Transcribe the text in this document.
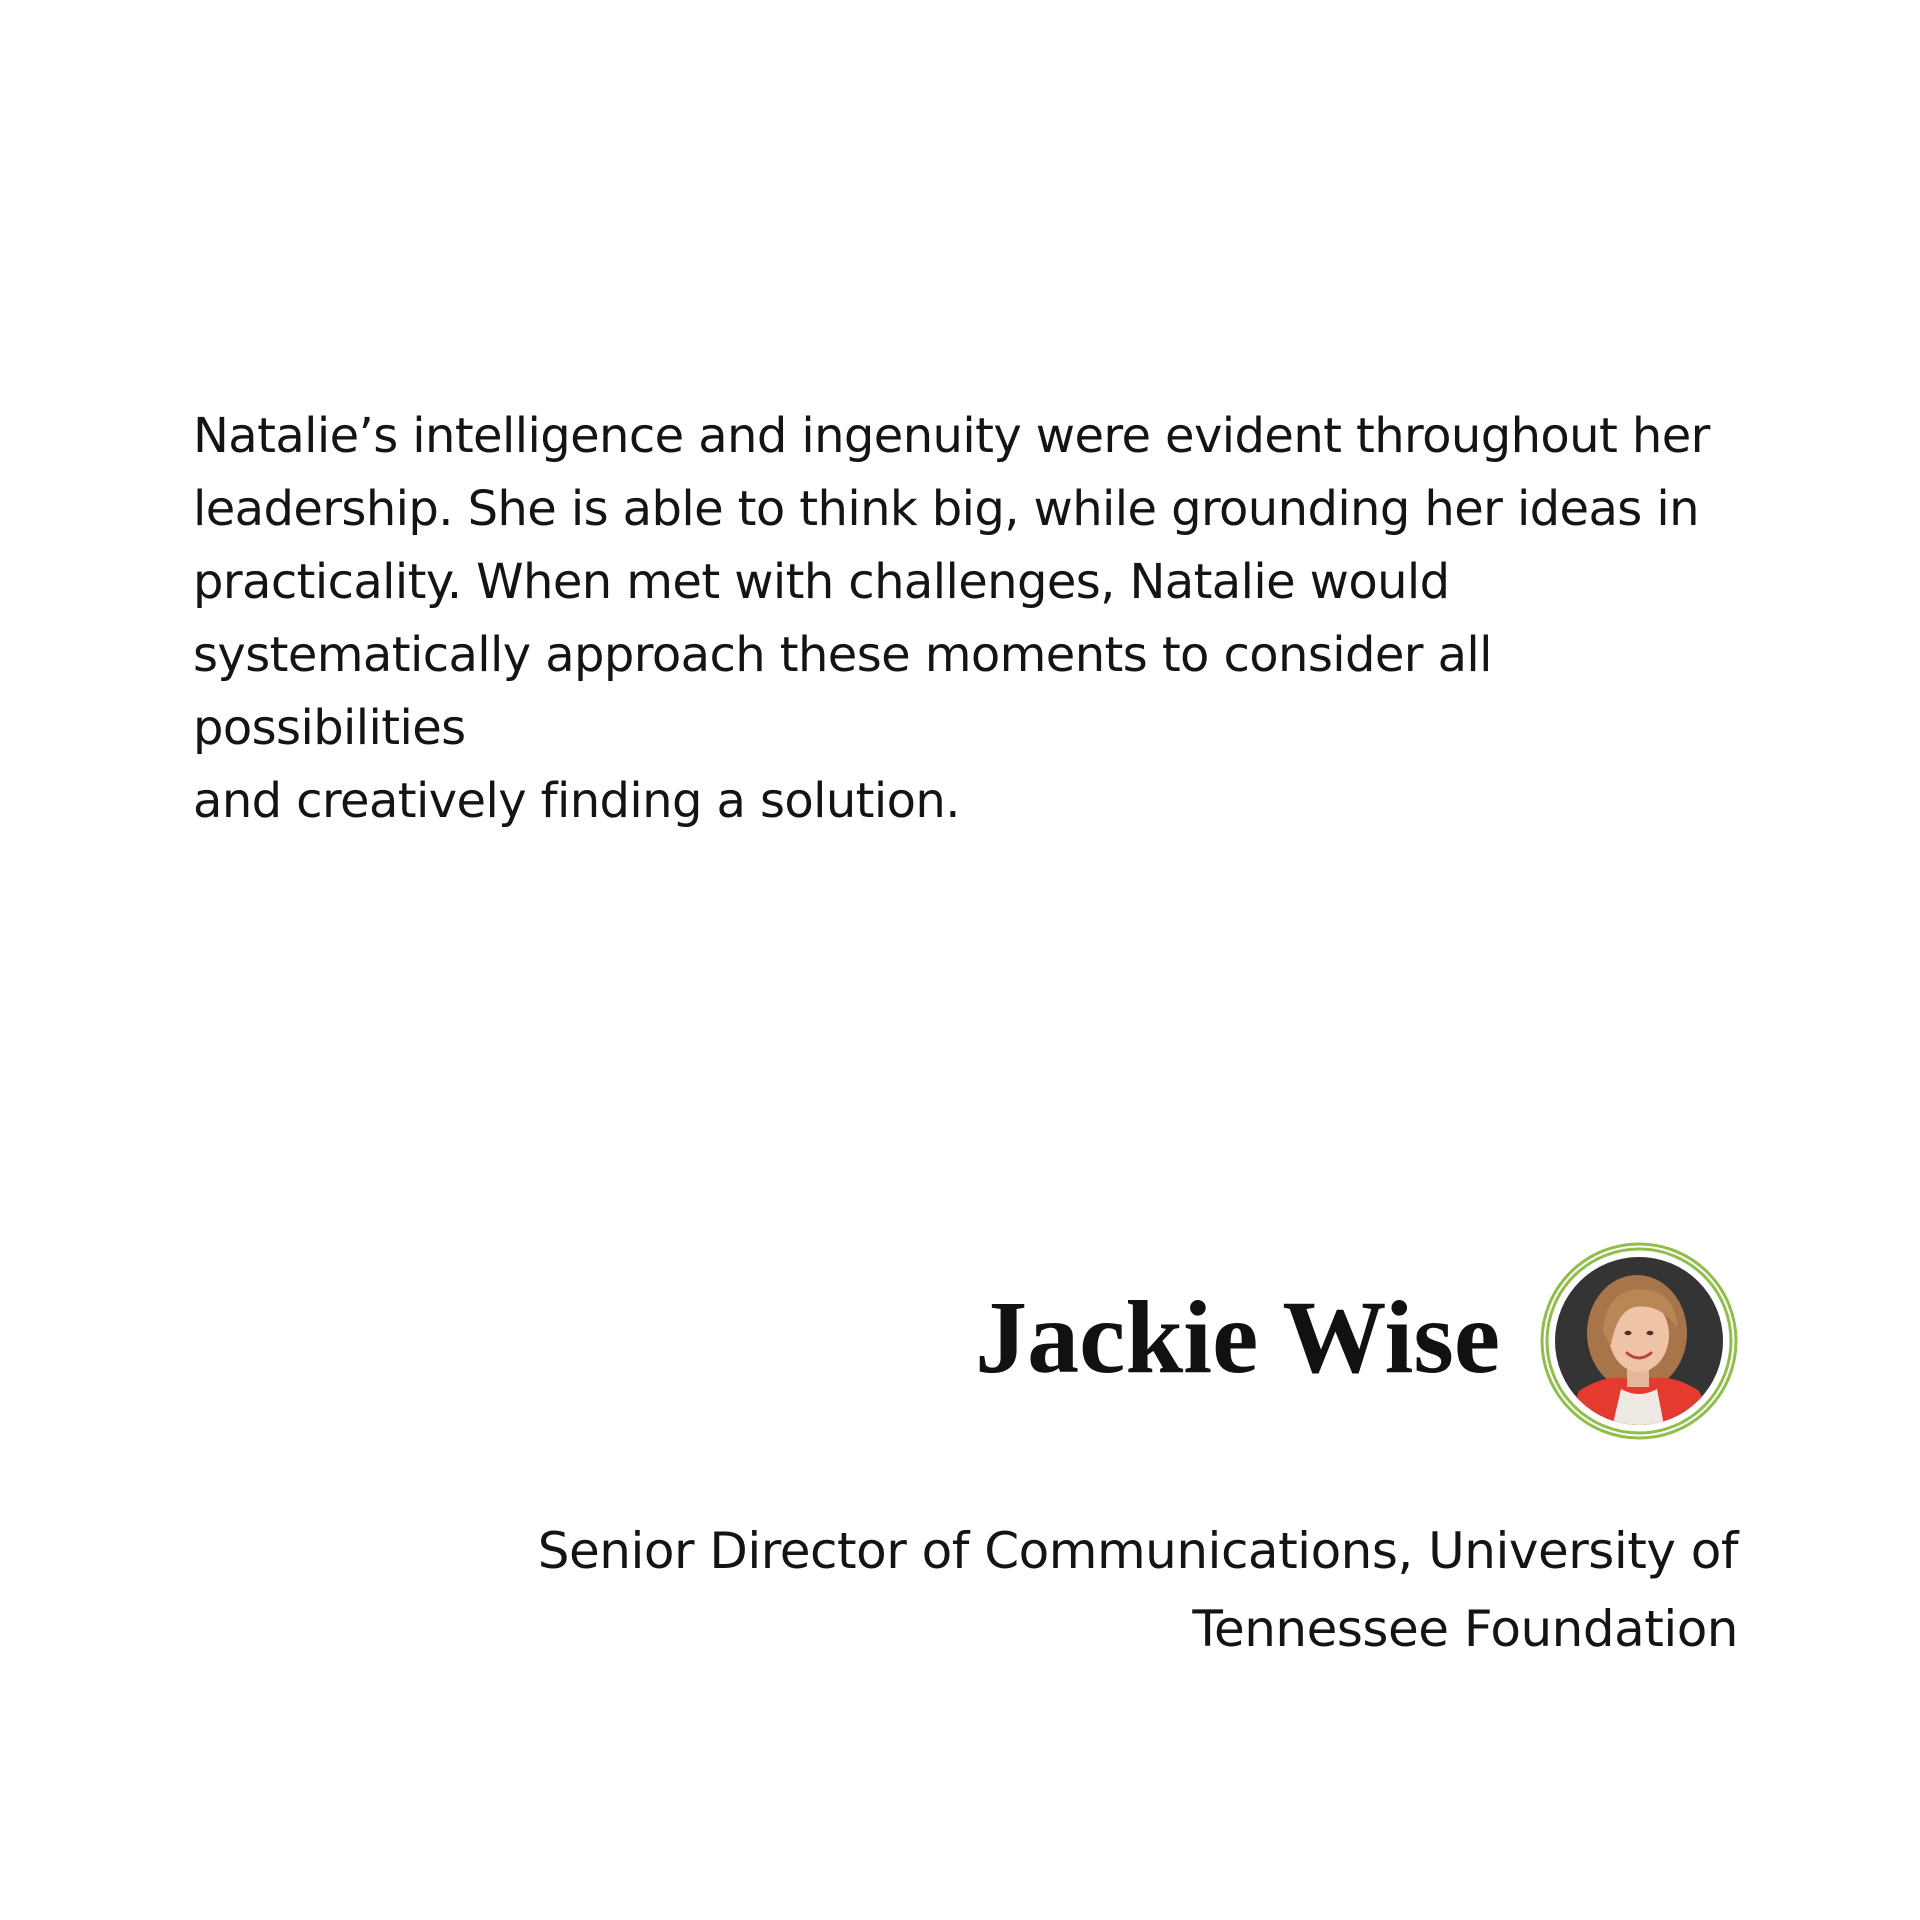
Natalie’s intelligence and ingenuity were evident throughout her
leadership. She is able to think big, while grounding her ideas in
practicality. When met with challenges, Natalie would
systematically approach these moments to consider all possibilities
and creatively finding a solution.

Jackie Wise

Senior Director of Communications, University of
Tennessee Foundation
